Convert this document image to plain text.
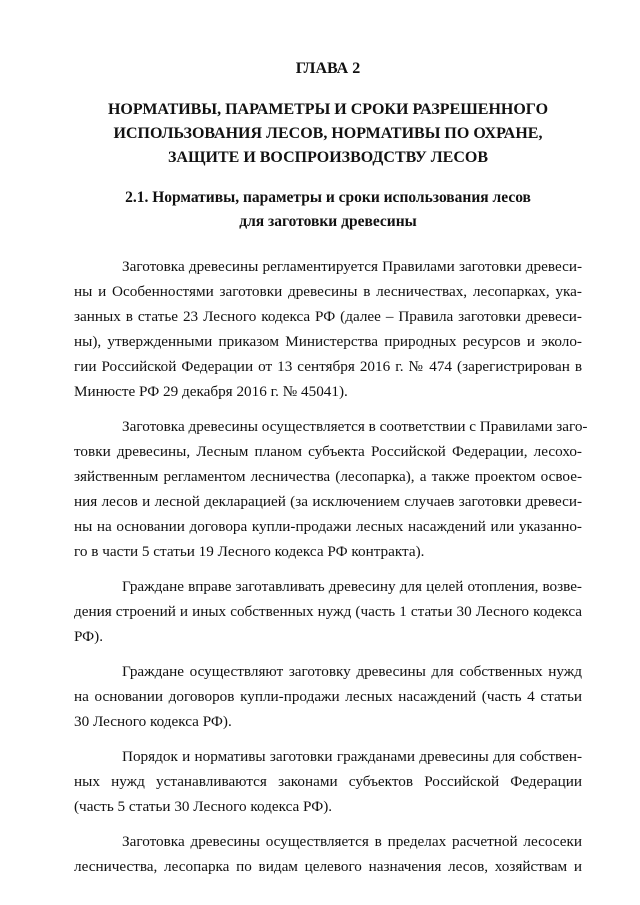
ГЛАВА 2
НОРМАТИВЫ, ПАРАМЕТРЫ И СРОКИ РАЗРЕШЕННОГО
ИСПОЛЬЗОВАНИЯ ЛЕСОВ, НОРМАТИВЫ ПО ОХРАНЕ,
ЗАЩИТЕ И ВОСПРОИЗВОДСТВУ ЛЕСОВ
2.1. Нормативы, параметры и сроки использования лесов
для заготовки древесины
Заготовка древесины регламентируется Правилами заготовки древеси-
ны и Особенностями заготовки древесины в лесничествах, лесопарках, ука-
занных в статье 23 Лесного кодекса РФ (далее – Правила заготовки древеси-
ны), утвержденными приказом Министерства природных ресурсов и эколо-
гии Российской Федерации от 13 сентября 2016 г. № 474 (зарегистрирован в
Минюсте РФ 29 декабря 2016 г. № 45041).
Заготовка древесины осуществляется в соответствии с Правилами заго-
товки древесины, Лесным планом субъекта Российской Федерации, лесохо-
зяйственным регламентом лесничества (лесопарка), а также проектом освое-
ния лесов и лесной декларацией (за исключением случаев заготовки древеси-
ны на основании договора купли-продажи лесных насаждений или указанно-
го в части 5 статьи 19 Лесного кодекса РФ контракта).
Граждане вправе заготавливать древесину для целей отопления, возве-
дения строений и иных собственных нужд (часть 1 статьи 30 Лесного кодекса
РФ).
Граждане осуществляют заготовку древесины для собственных нужд
на основании договоров купли-продажи лесных насаждений (часть 4 статьи
30 Лесного кодекса РФ).
Порядок и нормативы заготовки гражданами древесины для собствен-
ных нужд устанавливаются законами субъектов Российской Федерации
(часть 5 статьи 30 Лесного кодекса РФ).
Заготовка древесины осуществляется в пределах расчетной лесосеки
лесничества, лесопарка по видам целевого назначения лесов, хозяйствам и
